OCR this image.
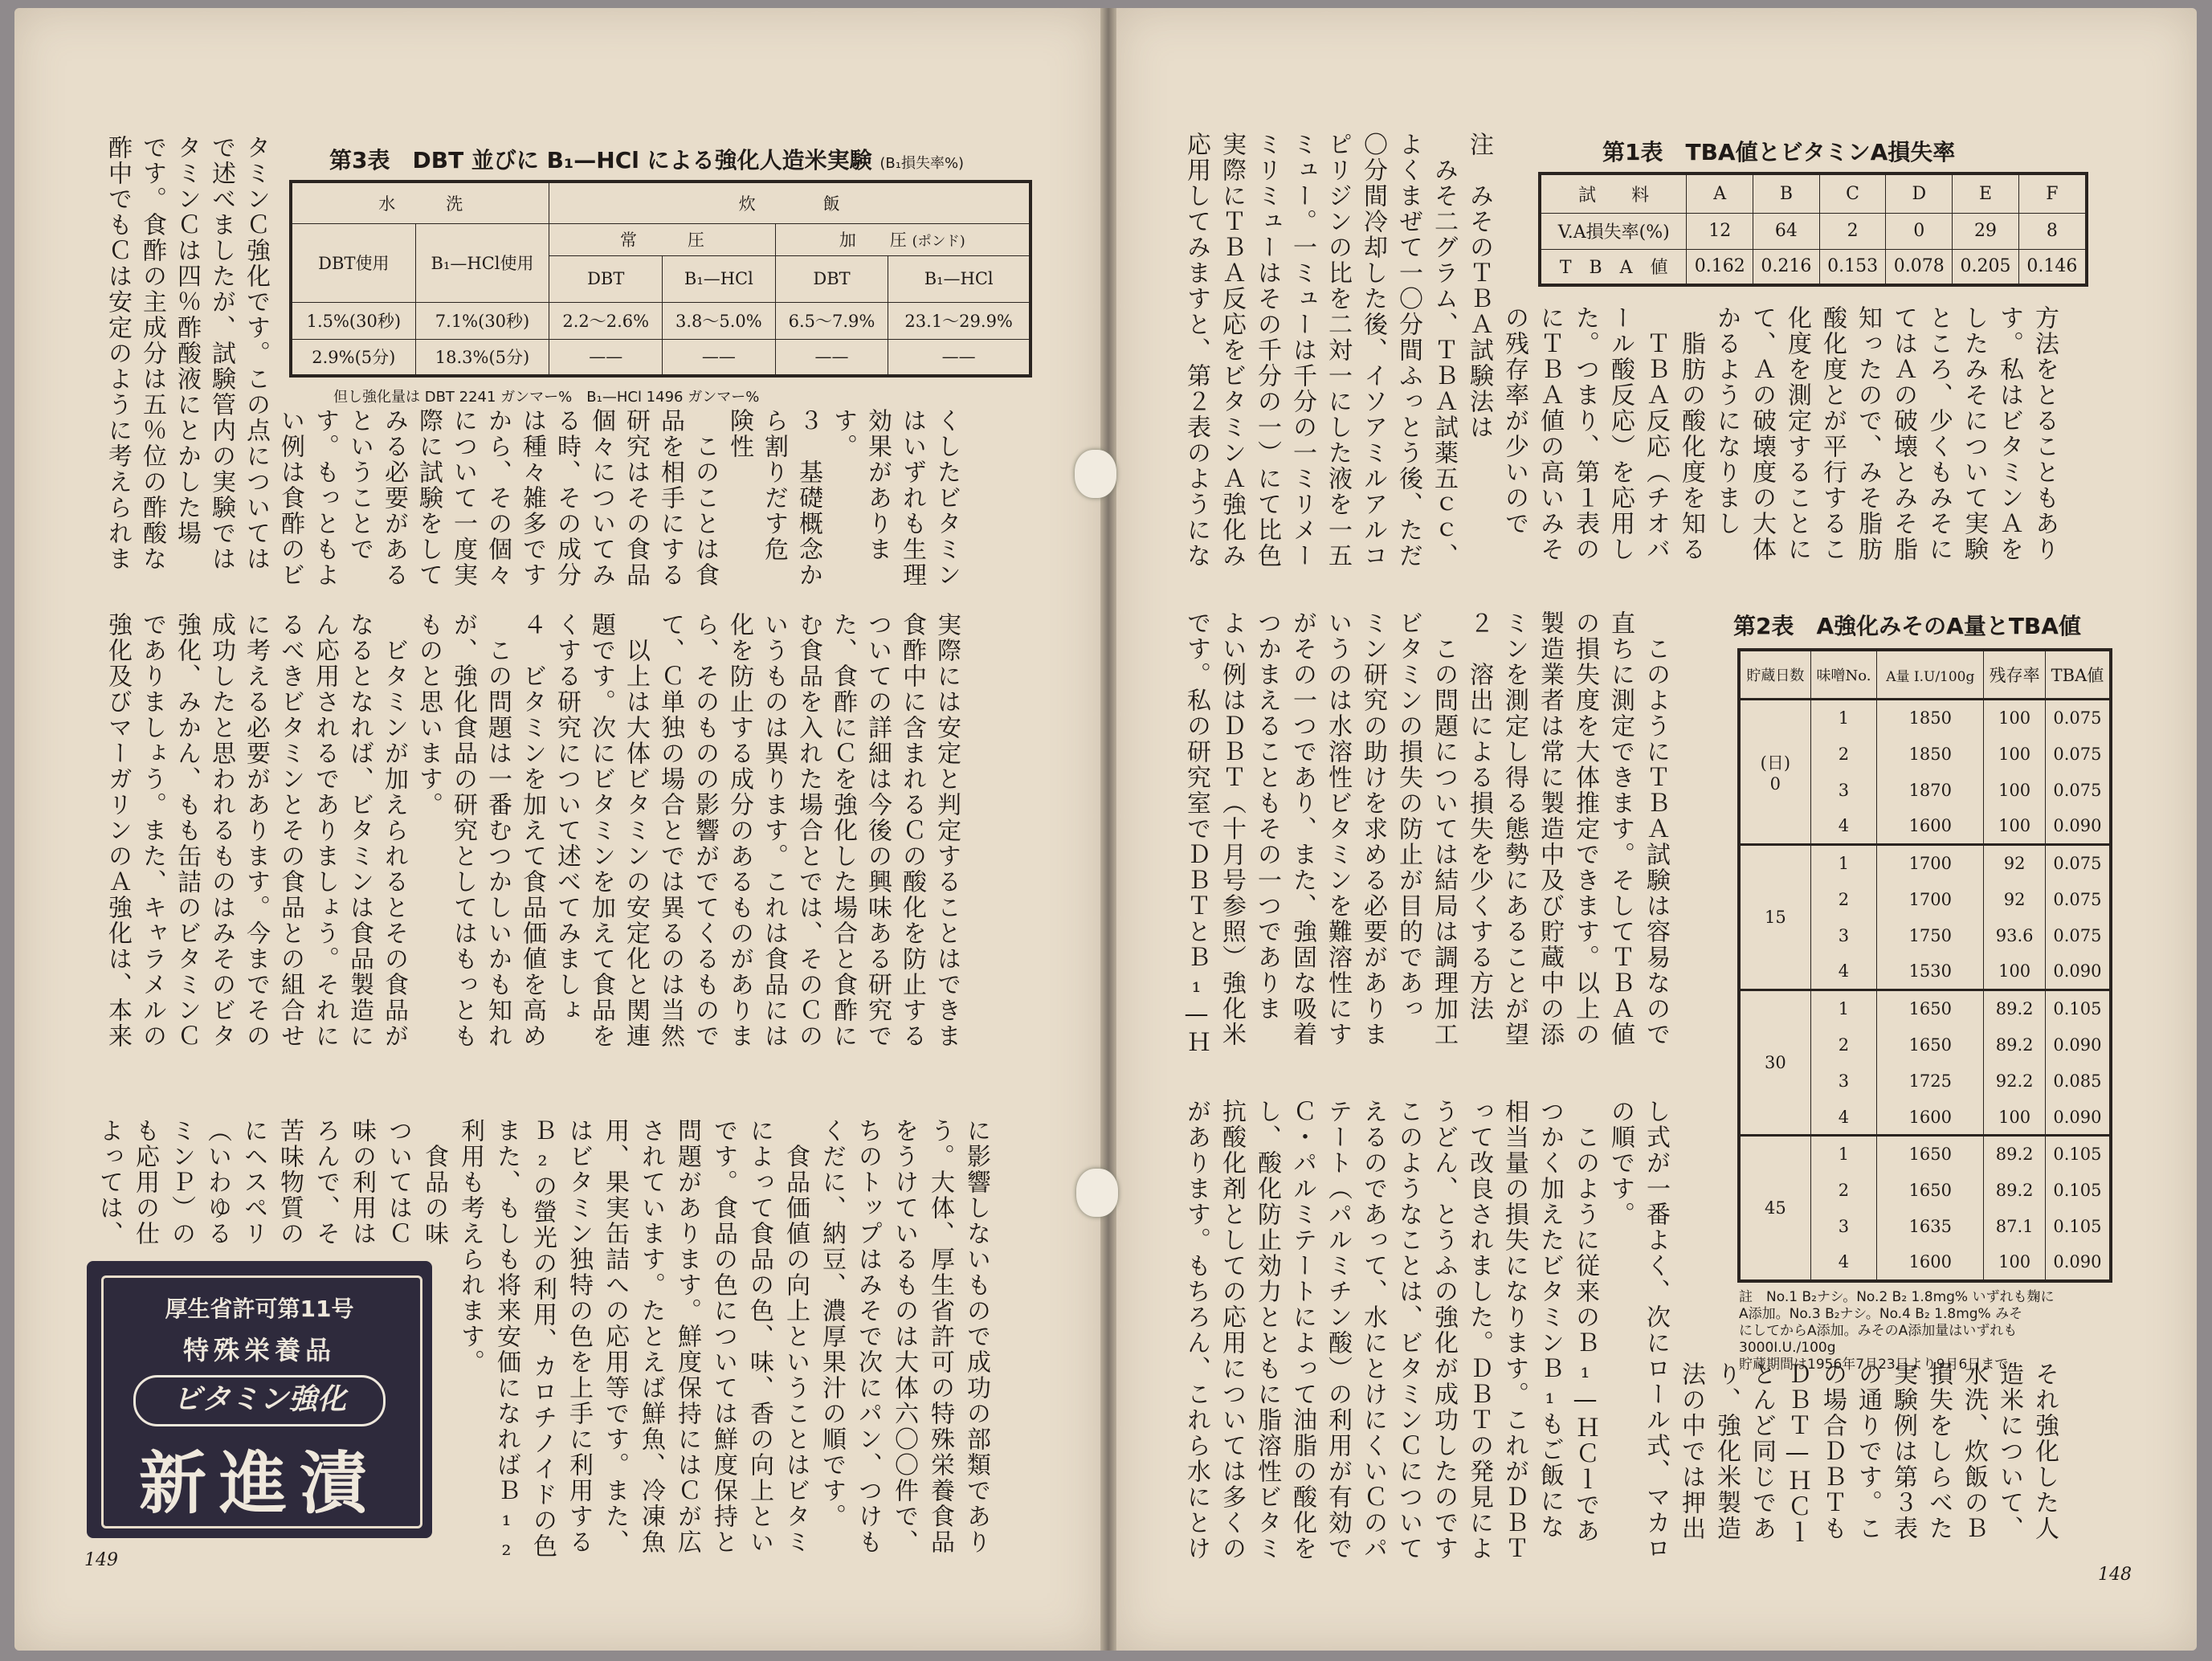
第3表　DBT 並びに B₁—HCl による強化人造米実験 (B₁損失率%)
水　　　洗		炊　　　　飯			
DBT使用	B₁—HCl使用	常　　　圧		加　　圧 (ポンド)	
		DBT	B₁—HCl	DBT	B₁—HCl
1.5%(30秒)	7.1%(30秒)	2.2〜2.6%	3.8〜5.0%	6.5〜7.9%	23.1〜29.9%
2.9%(5分)	18.3%(5分)	——	——	——	——
但し強化量は DBT 2241 ガンマー%　B₁—HCl 1496 ガンマー%
酢中でもＣは安定のように考えられま
です。食酢の主成分は五％位の酢酸な
タミンＣは四％酢酸液にとかした場
で述べましたが、試験管内の実験では
タミンＣ強化です。この点については い例は食酢のビ す。もっともよ ということで みる必要がある 際に試験をして について一度実 から、その個々 は種々雑多です る時、その成分 個々についてみ 研究はその食品 品を相手にする 　このことは食 険性 ら割りだす危 ３　基礎概念か す。 効果がありま はいずれも生理 くしたビタミン
強化及びマーガリンのＡ強化は、本来
でありましょう。また、キャラメルの
強化、みかん、もも缶詰のビタミンＣ
成功したと思われるものはみそのビタ
に考える必要があります。今までその
るべきビタミンとその食品との組合せ
ん応用されるでありましょう。それに
なるとなれば、ビタミンは食品製造に
　ビタミンが加えられるとその食品が
ものと思います。 が、強化食品の研究としてはもっとも
　この問題は一番むつかしいかも知れ
４　ビタミンを加えて食品価値を高め
くする研究について述べてみましょ
題です。次にビタミンを加えて食品を
　以上は大体ビタミンの安定化と関連
て、Ｃ単独の場合とでは異るのは当然
ら、そのものの影響がでてくるもので
化を防止する成分のあるものがありま
いうものは異ります。これは食品には
む食品を入れた場合とでは、そのＣの
た、食酢にＣを強化した場合と食酢に
ついての詳細は今後の興味ある研究で
食酢中に含まれるＣの酸化を防止する
実際には安定と判定することはできま
よっては、
も応用の仕
ミンＰ）の
（いわゆる
にヘスペリ
苦味物質の
ろんで、そ
味の利用は
ついてはＣ
　食品の味 利用も考えられます。 また、もしも将来安価になればＢ₁₂
Ｂ₂の螢光の利用、カロチノイドの色
はビタミン独特の色を上手に利用する
用、果実缶詰への応用等です。また、
されています。たとえば鮮魚、冷凍魚
問題があります。鮮度保持にはＣが広
です。食品の色については鮮度保持と
によって食品の色、味、香の向上とい
　食品価値の向上ということはビタミ
くだに、納豆、濃厚果汁の順です。 ちのトップはみそで次にパン、つけも
をうけているものは大体六〇〇件で、
う。大体、厚生省許可の特殊栄養食品
に影響しないもので成功の部類であり
厚生省許可第11号
特殊栄養品
ビタミン強化
新進漬
149
第1表　TBA値とビタミンA損失率
試　　料	A	B	C	D	E	F
V.A損失率(%)	12	64	2	0	29	8
T　B　A　値	0.162	0.216	0.153	0.078	0.205	0.146
第2表　A強化みそのA量とTBA値
貯蔵日数	味噌No.	A量 I.U/100g	残存率	TBA値

(日)
0	1	1850	100	0.075
	2	1850	100	0.075
	3	1870	100	0.075
	4	1600	100	0.090

15	1	1700	92	0.075
	2	1700	92	0.075
	3	1750	93.6	0.075
	4	1530	100	0.090

30	1	1650	89.2	0.105
	2	1650	89.2	0.090
	3	1725	92.2	0.085
	4	1600	100	0.090

45	1	1650	89.2	0.105
	2	1650	89.2	0.105
	3	1635	87.1	0.105
	4	1600	100	0.090
註　No.1 B₂ナシ。No.2 B₂ 1.8mg% いずれも麹に
A添加。No.3 B₂ナシ。No.4 B₂ 1.8mg% みそ
にしてからA添加。みそのA添加量はいずれも
3000I.U./100g
貯蔵期間は1956年7月23日より9月6日まで
応用してみますと、第２表のようにな
実際にＴＢＡ反応をビタミンＡ強化み
ミリミューはその千分の一）にて比色
ミュー。一ミューは千分の一ミリメー
ピリジンの比を二対一にした液を一五
〇分間冷却した後、イソアミルアルコ
よくまぜて一〇分間ふっとう後、ただ
　みそ二グラム、ＴＢＡ試薬五ｃｃ、
注　みそのＴＢＡ試験法は の残存率が少いので
にＴＢＡ値の高いみそ
た。つまり、第１表の
ール酸反応）を応用し
　ＴＢＡ反応（チオバ
　脂肪の酸化度を知る
かるようになりまし
て、Ａの破壊度の大体
化度を測定することに
酸化度とが平行するこ
知ったので、みそ脂肪
てはＡの破壊とみそ脂
ところ、少くもみそに
したみそについて実験
す。私はビタミンＡを
方法をとることもあり
です。私の研究室でＤＢＴとＢ₁—Ｈ
よい例はＤＢＴ（十月号参照）強化米
つかまえることもその一つでありま
がその一つであり、また、強固な吸着
いうのは水溶性ビタミンを難溶性にす
ミン研究の助けを求める必要がありま
ビタミンの損失の防止が目的であっ
　この問題については結局は調理加工
２　溶出による損失を少くする方法 ミンを測定し得る態勢にあることが望
製造業者は常に製造中及び貯蔵中の添
の損失度を大体推定できます。以上の
直ちに測定できます。そしてＴＢＡ値
　このようにＴＢＡ試験は容易なので
があります。もちろん、これら水にとけ
抗酸化剤としての応用については多くの
し、酸化防止効力とともに脂溶性ビタミ
Ｃ・パルミテートによって油脂の酸化を
テート（パルミチン酸）の利用が有効で
えるのであって、水にとけにくいＣのパ
このようなことは、ビタミンＣについて
うどん、とうふの強化が成功したのです
って改良されました。ＤＢＴの発見によ
相当量の損失になります。これがＤＢＴ
つかく加えたビタミンＢ₁もご飯にな
　このように従来のＢ₁—ＨＣｌであ
の順です。 し式が一番よく、次にロール式、マカロ
法の中では押出 り、強化米製造 とんど同じであ ＤＢＴ—ＨＣｌ の場合ＤＢＴも の通りです。こ 実験例は第３表 損失をしらべた 水洗、炊飯のＢ 造米について、 それ強化した人
148
